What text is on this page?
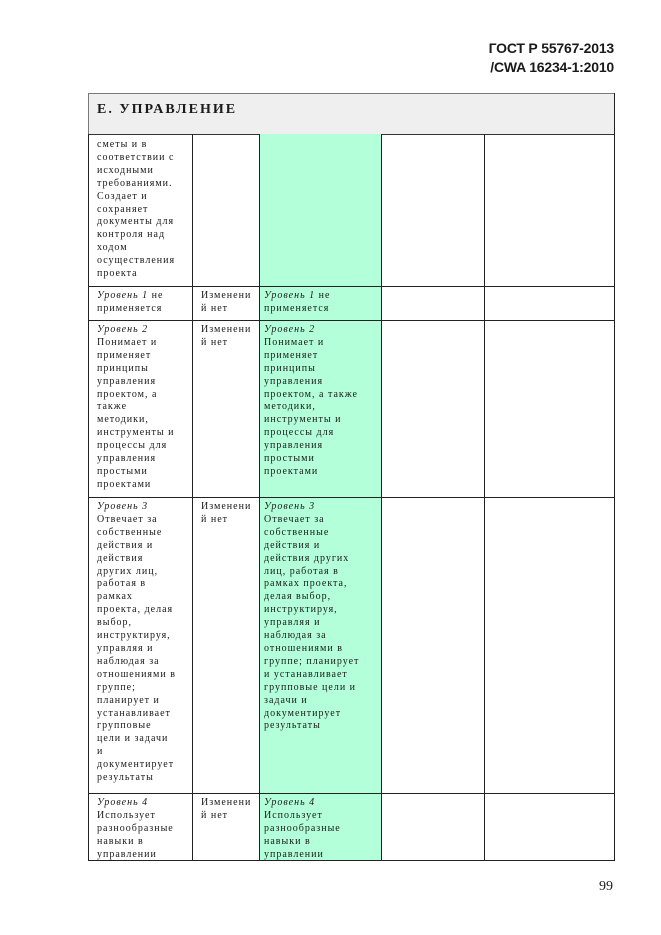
ГОСТ Р 55767-2013
/CWA 16234-1:2010
Е. УПРАВЛЕНИЕ
сметы и в
соответствии с
исходными
требованиями.
Создает и
сохраняет
документы для
контроля над
ходом
осуществления
проекта
Уровень 1 не
применяется
Изменени
й нет
Уровень 1 не
применяется
Уровень 2
Понимает и
применяет
принципы
управления
проектом, а
также
методики,
инструменты и
процессы для
управления
простыми
проектами
Изменени
й нет
Уровень 2
Понимает и
применяет
принципы
управления
проектом, а также
методики,
инструменты и
процессы для
управления
простыми
проектами
Уровень 3
Отвечает за
собственные
действия и
действия
других лиц,
работая в
рамках
проекта, делая
выбор,
инструктируя,
управляя и
наблюдая за
отношениями в
группе;
планирует и
устанавливает
групповые
цели и задачи
и
документирует
результаты
Изменени
й нет
Уровень 3
Отвечает за
собственные
действия и
действия других
лиц, работая в
рамках проекта,
делая выбор,
инструктируя,
управляя и
наблюдая за
отношениями в
группе; планирует
и устанавливает
групповые цели и
задачи и
документирует
результаты
Уровень 4
Использует
разнообразные
навыки в
управлении
Изменени
й нет
Уровень 4
Использует
разнообразные
навыки в
управлении
99
